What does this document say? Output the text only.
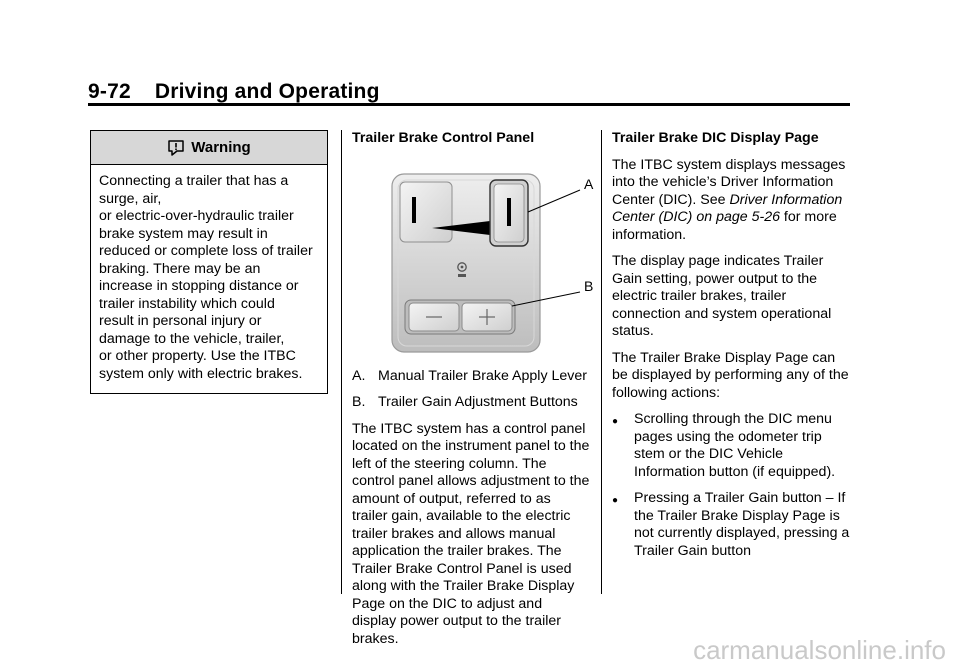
9-72 Driving and Operating
Warning
Connecting a trailer that has a
surge, air,
or electric-over-hydraulic trailer
brake system may result in
reduced or complete loss of trailer
braking. There may be an
increase in stopping distance or
trailer instability which could
result in personal injury or
damage to the vehicle, trailer,
or other property. Use the ITBC
system only with electric brakes.
Trailer Brake Control Panel
A
B
A. Manual Trailer Brake Apply Lever
B. Trailer Gain Adjustment Buttons

The ITBC system has a control panel located on the instrument panel to the left of the steering column. The control panel allows adjustment to the amount of output, referred to as trailer gain, available to the electric trailer brakes and allows manual application the trailer brakes. The Trailer Brake Control Panel is used along with the Trailer Brake Display Page on the DIC to adjust and display power output to the trailer brakes.

Trailer Brake DIC Display Page

The ITBC system displays messages into the vehicle’s Driver Information Center (DIC). See Driver Information Center (DIC) on page 5-26 for more information.

The display page indicates Trailer Gain setting, power output to the electric trailer brakes, trailer connection and system operational status.

The Trailer Brake Display Page can be displayed by performing any of the following actions:

●	Scrolling through the DIC menu pages using the odometer trip stem or the DIC Vehicle Information button (if equipped).
●	Pressing a Trailer Gain button – If the Trailer Brake Display Page is not currently displayed, pressing a Trailer Gain button
carmanualsonline.info
